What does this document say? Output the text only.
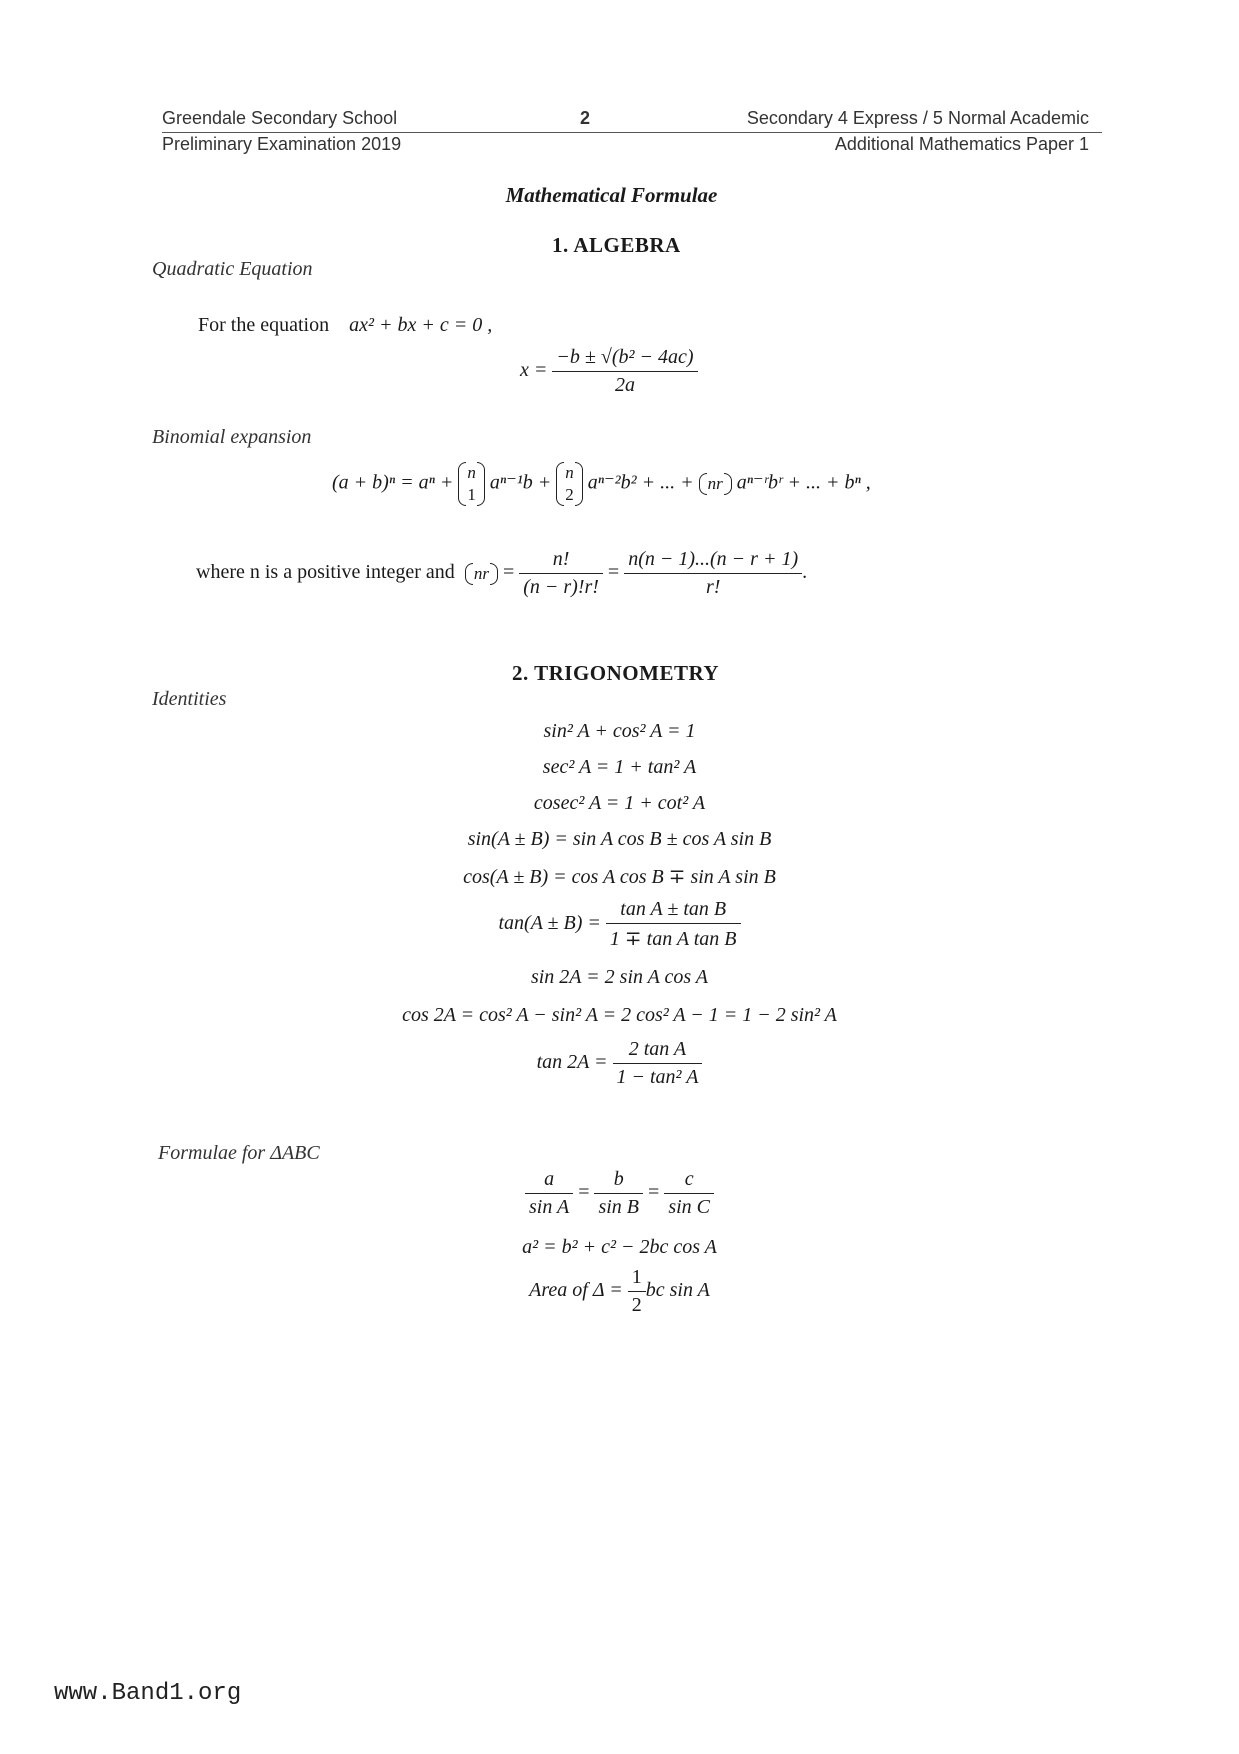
Greendale Secondary School	2	Secondary 4 Express / 5 Normal Academic
Preliminary Examination 2019	Additional Mathematics Paper 1
Mathematical Formulae
1. ALGEBRA
Quadratic Equation
For the equation ax² + bx + c = 0 ,
$x = \frac{\text{−b ± √(b² − 4ac)}}{2a}$
Binomial expansion
(a + b)ⁿ = aⁿ + n
1
aⁿ⁻¹b + n
2
aⁿ⁻²b² + ... + nr aⁿ⁻ʳbʳ + ... + bⁿ ,
where n is a positive integer and nr = $\frac{n!}{(n - r)!r!} = \frac{n(n - 1)...(n - r + 1)}{r!}$ .
2. TRIGONOMETRY
Identities
sin² A + cos² A = 1
sec² A = 1 + tan² A
cosec² A = 1 + cot² A
sin(A ± B) = sin A cos B ± cos A sin B
cos(A ± B) = cos A cos B ∓ sin A sin B
$\tan(A \pm B) = \frac{\text{tan A ± tan B}}{\text{1 ∓ tan A tan B}}$
sin 2A = 2 sin A cos A
cos 2A = cos² A − sin² A = 2 cos² A − 1 = 1 − 2 sin² A
$\tan 2A = \frac{\text{2 tan A}}{\text{1 − tan² A}}$
Formulae for ΔABC
$\frac{a}{\text{sin A}} = \frac{b}{\text{sin B}} = \frac{c}{\text{sin C}}$
a² = b² + c² − 2bc cos A
Area of $\Delta = \frac{1}{2}$ bc sin A
www.Band1.org
